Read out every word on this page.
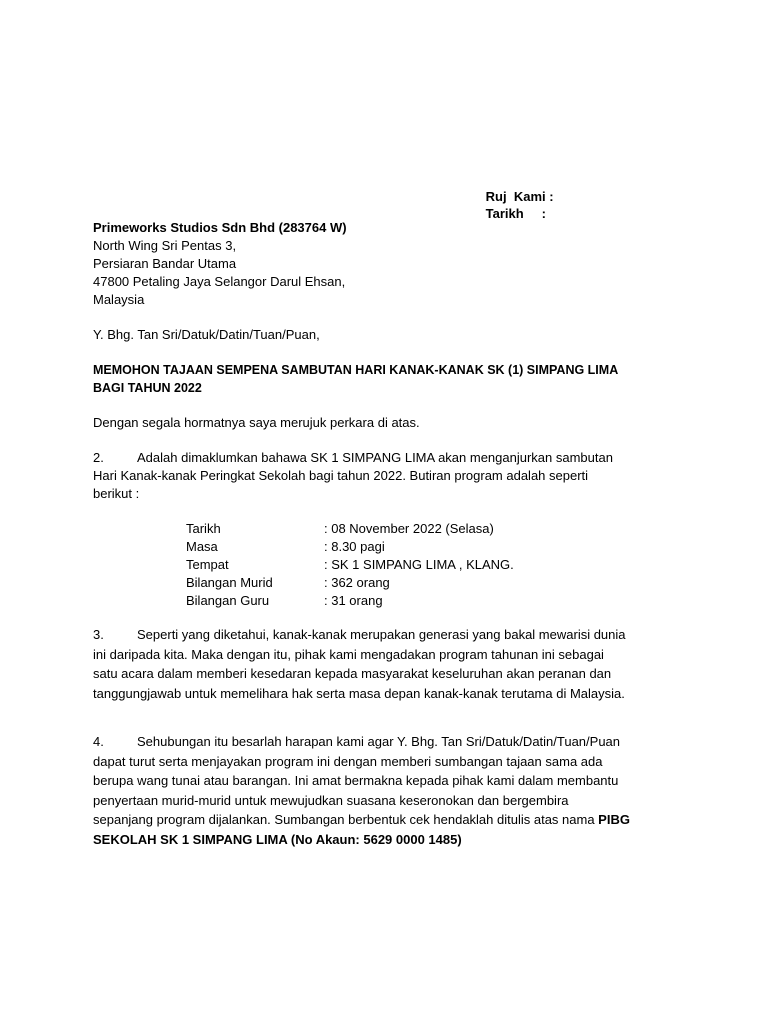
Ruj  Kami :

Tarikh :

Primeworks Studios Sdn Bhd (283764 W)
North Wing Sri Pentas 3,
Persiaran Bandar Utama
47800 Petaling Jaya Selangor Darul Ehsan,
Malaysia
Y. Bhg. Tan Sri/Datuk/Datin/Tuan/Puan,
MEMOHON TAJAAN SEMPENA SAMBUTAN HARI KANAK-KANAK SK (1) SIMPANG LIMA
BAGI TAHUN 2022
Dengan segala hormatnya saya merujuk perkara di atas.
2.	Adalah dimaklumkan bahawa SK 1 SIMPANG LIMA akan menganjurkan sambutan
Hari Kanak-kanak Peringkat Sekolah bagi tahun 2022. Butiran program adalah seperti
berikut :
Tarikh	: 08 November 2022 (Selasa)
Masa	: 8.30 pagi
Tempat	: SK 1 SIMPANG LIMA , KLANG.
Bilangan Murid	: 362 orang
Bilangan Guru	: 31 orang
3.	Seperti yang diketahui, kanak-kanak merupakan generasi yang bakal mewarisi dunia
ini daripada kita. Maka dengan itu, pihak kami mengadakan program tahunan ini sebagai
satu acara dalam memberi kesedaran kepada masyarakat keseluruhan akan peranan dan
tanggungjawab untuk memelihara hak serta masa depan kanak-kanak terutama di Malaysia.
4.	Sehubungan itu besarlah harapan kami agar Y. Bhg. Tan Sri/Datuk/Datin/Tuan/Puan
dapat turut serta menjayakan program ini dengan memberi sumbangan tajaan sama ada
berupa wang tunai atau barangan. Ini amat bermakna kepada pihak kami dalam membantu
penyertaan murid-murid untuk mewujudkan suasana keseronokan dan bergembira
sepanjang program dijalankan. Sumbangan berbentuk cek hendaklah ditulis atas nama PIBG
SEKOLAH SK 1 SIMPANG LIMA (No Akaun: 5629 0000 1485)
